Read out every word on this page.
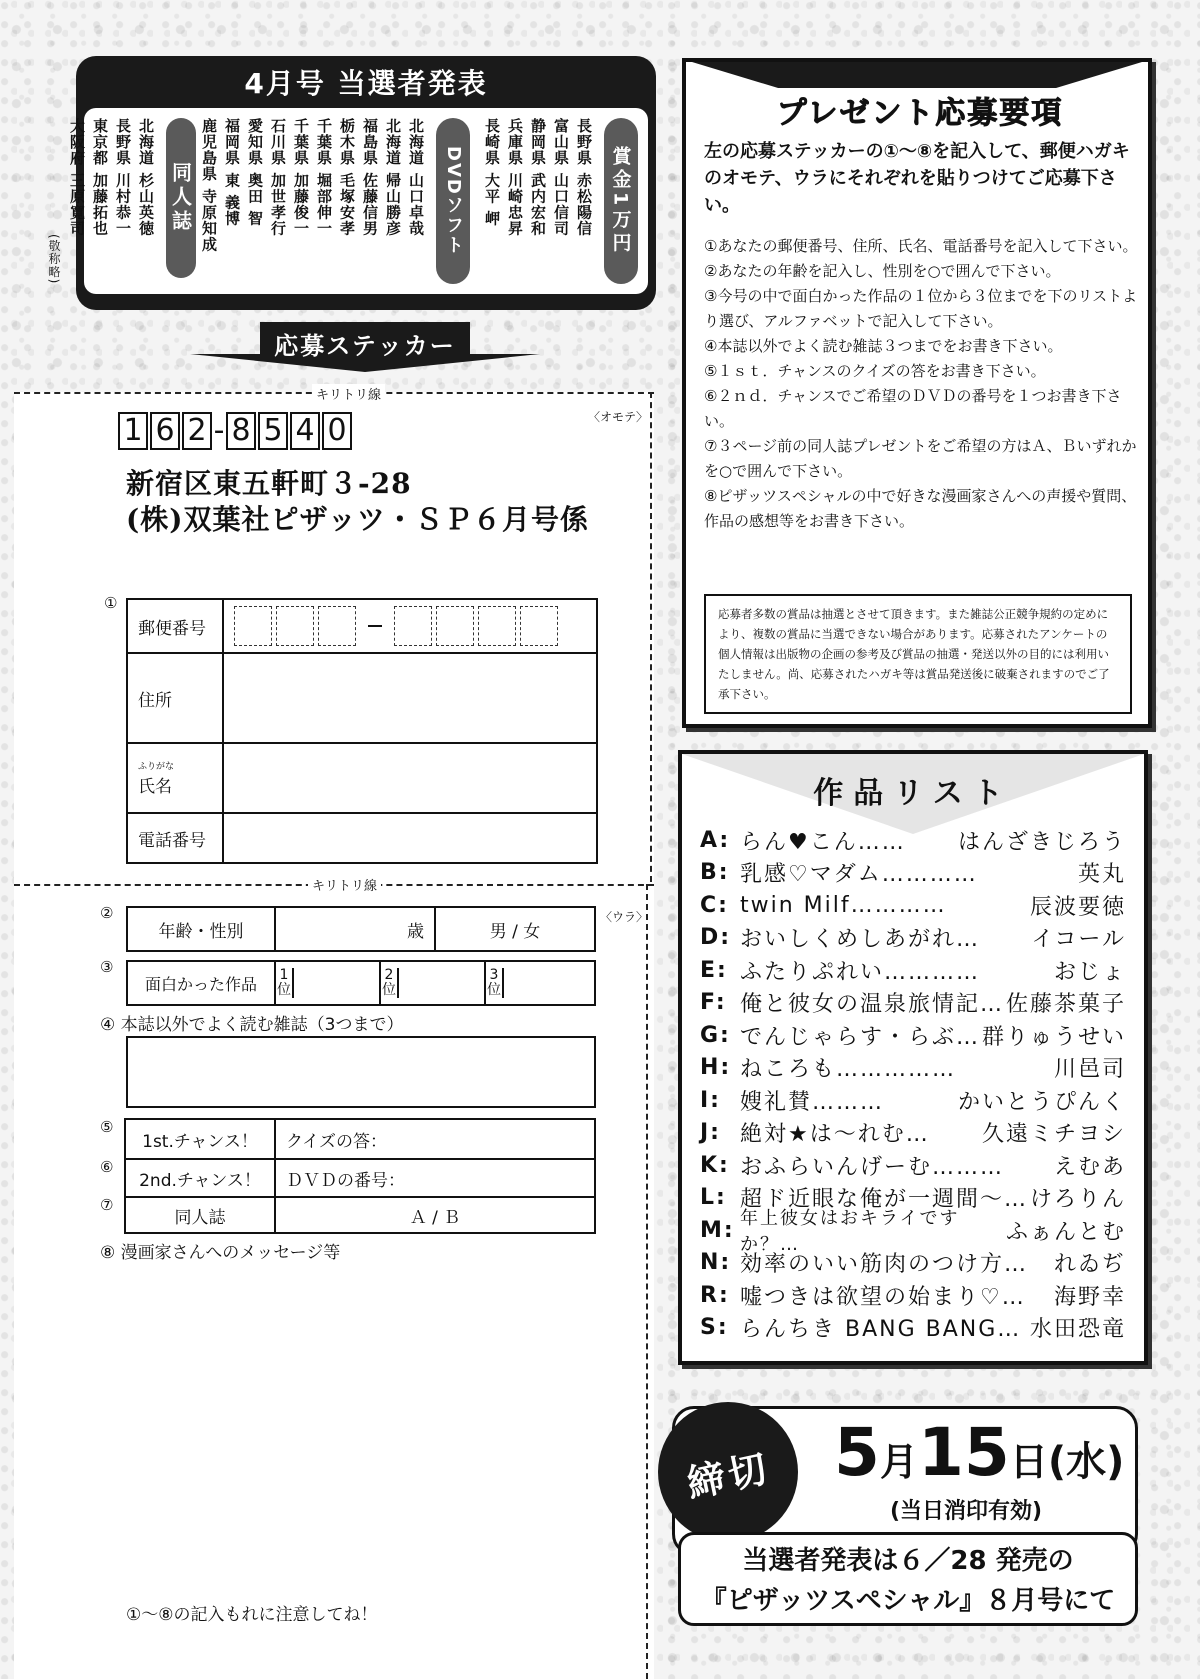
4月号 当選者発表
賞金1万円
長野県 赤松陽信
富山県 山口信司
静岡県 武内宏和
兵庫県 川崎忠昇
長崎県 大平 岬
DVDソフト
北海道 山口卓哉
北海道 帰山勝彦
福島県 佐藤信男
栃木県 毛塚安孝
千葉県 堀部伸一
千葉県 加藤俊一
石川県 加世孝行
愛知県 奥田 智
福岡県 東 義博
鹿児島県 寺原知成
同人誌
北海道 杉山英徳
長野県 川村恭一
東京都 加藤拓也
大阪府 三原寛司
(敬称略)
応募ステッカー
キリトリ線
〈オモテ〉
1 6 2 - 8 5 4 0
新宿区東五軒町３-28
(株)双葉社ピザッツ・ＳＰ６月号係
①
郵便番号	

住所	

ふりがな
氏名	

電話番号	
キリトリ線
〈ウラ〉
②
年齢・性別	歳	男 / 女
③
面白かった作品	1位	2位	3位
④ 本誌以外でよく読む雑誌（3つまで）
⑤
⑥
⑦
1st.チャンス！	クイズの答：
2nd.チャンス！	ＤＶＤの番号：
同人誌	Ａ / Ｂ
⑧ 漫画家さんへのメッセージ等
①～⑧の記入もれに注意してね！
プレゼント応募要項
左の応募ステッカーの①～⑧を記入して、郵便ハガキのオモテ、ウラにそれぞれを貼りつけてご応募下さい。
①あなたの郵便番号、住所、氏名、電話番号を記入して下さい。
②あなたの年齢を記入し、性別を○で囲んで下さい。
③今号の中で面白かった作品の１位から３位までを下のリストより選び、アルファベットで記入して下さい。
④本誌以外でよく読む雑誌３つまでをお書き下さい。
⑤１ｓｔ．チャンスのクイズの答をお書き下さい。
⑥２ｎｄ．チャンスでご希望のＤＶＤの番号を１つお書き下さい。
⑦３ページ前の同人誌プレゼントをご希望の方はＡ、Ｂいずれかを○で囲んで下さい。
⑧ピザッツスペシャルの中で好きな漫画家さんへの声援や質問、作品の感想等をお書き下さい。
応募者多数の賞品は抽選とさせて頂きます。また雑誌公正競争規約の定めにより、複数の賞品に当選できない場合があります。応募されたアンケートの個人情報は出版物の企画の参考及び賞品の抽選・発送以外の目的には利用いたしません。尚、応募されたハガキ等は賞品発送後に破棄されますのでご了承下さい。
作品リスト
A: らん♥こん……	はんざきじろう
B: 乳感♡マダム…………	英丸
C: twin Milf…………	辰波要徳
D: おいしくめしあがれ…	イコール
E: ふたりぷれい…………	おじょ
F: 俺と彼女の温泉旅情記… 佐藤茶菓子
G: でんじゃらす・らぶ… 群りゅうせい
H: ねころも……………	川邑司
I: 嫂礼賛………	かいとうぴんく
J: 絶対★は～れむ…	久遠ミチヨシ
K: おふらいんげーむ………	えむあ
L: 超ド近眼な俺が一週間～… けろりん
M: 年上彼女はおキライですか？…	ふぁんとむ
N: 効率のいい筋肉のつけ方…	れゐぢ
R: 嘘つきは欲望の始まり♡…	海野幸
S: らんちき BANG BANG… 水田恐竜
締切 5 月 15 日 (水)
(当日消印有効)
当選者発表は６／28 発売の
『ピザッツスペシャル』８月号にて
